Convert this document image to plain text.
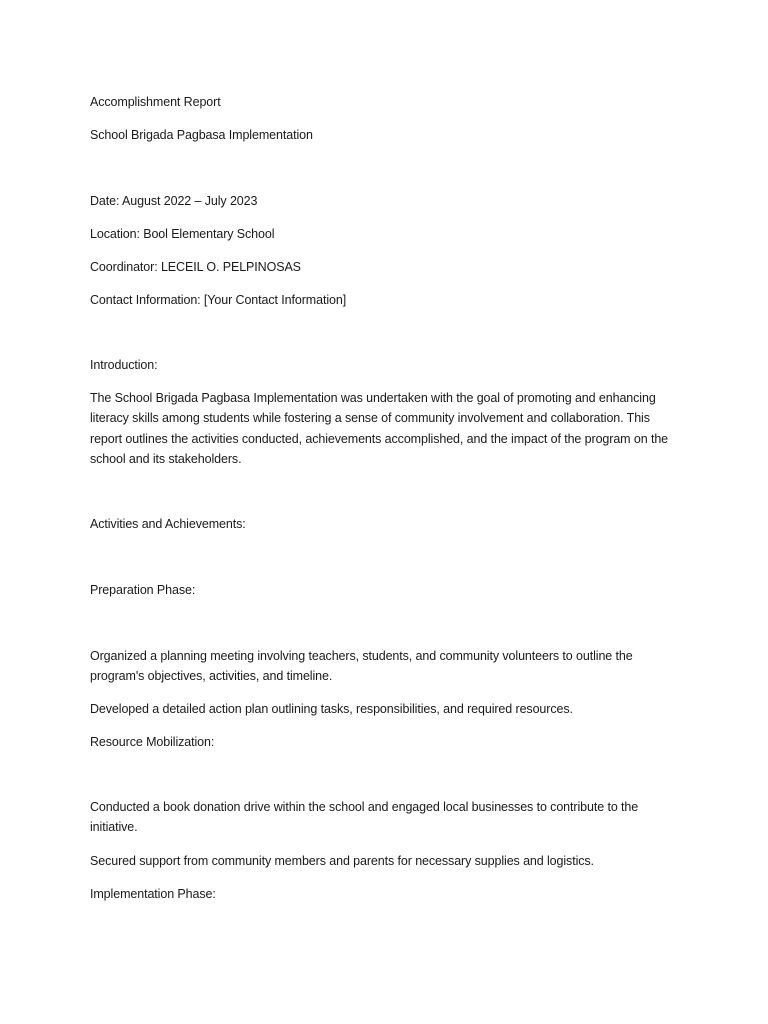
Accomplishment Report

School Brigada Pagbasa Implementation

Date: August 2022 – July 2023

Location: Bool Elementary School

Coordinator: LECEIL O. PELPINOSAS

Contact Information: [Your Contact Information]

Introduction:

The School Brigada Pagbasa Implementation was undertaken with the goal of promoting and enhancing literacy skills among students while fostering a sense of community involvement and collaboration. This report outlines the activities conducted, achievements accomplished, and the impact of the program on the school and its stakeholders.

Activities and Achievements:

Preparation Phase:

Organized a planning meeting involving teachers, students, and community volunteers to outline the program's objectives, activities, and timeline.

Developed a detailed action plan outlining tasks, responsibilities, and required resources.

Resource Mobilization:

Conducted a book donation drive within the school and engaged local businesses to contribute to the initiative.

Secured support from community members and parents for necessary supplies and logistics.

Implementation Phase:
